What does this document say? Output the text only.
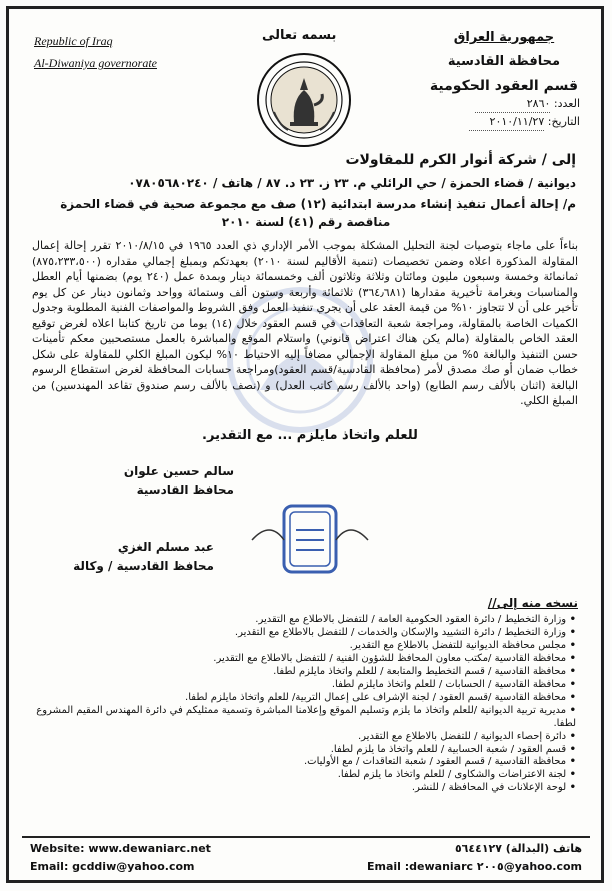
Republic of Iraq
Al-Diwaniya governorate
بسمه تعالى	جمهورية العراق
محافظة القادسية
قسم العقود الحكومية
العدد: ٢٨٦٠
التاريخ: ٢٠١٠/١١/٢٧
إلى / شركة أنوار الكرم للمقاولات
ديوانية / قضاء الحمزة / حي الرائلي م. ٢٣ ز. ٢٣ د. ٨٧ / هاتف / ٠٧٨٠٥٦٨٠٢٤٠
م/ إحالة أعمال تنفيذ إنشاء مدرسة ابتدائية (١٢) صف مع مجموعة صحية في قضاء الحمزة
مناقصة رقم (٤١) لسنة ٢٠١٠
بناءاً على ماجاء بتوصيات لجنة التحليل المشكلة بموجب الأمر الإداري ذي العدد ١٩٦٥ في ٢٠١٠/٨/١٥ تقرر إحالة إعمال المقاولة المذكورة اعلاه وضمن تخصيصات (تنمية الأقاليم لسنة ٢٠١٠) بعهدتكم وبمبلغ إجمالي مقداره (٨٧٥،٢٣٣،٥٠٠) ثمانمائة وخمسة وسبعون مليون ومائتان وثلاثة وثلاثون ألف وخمسمائة دينار وبمدة عمل (٢٤٠ يوم) بضمنها أيام العطل والمناسبات وبغرامة تأخيرية مقدارها (٣٦٤٫٦٨١) ثلاثمائة وأربعة وستون ألف وستمائة وواحد وثمانون دينار عن كل يوم تأخير على أن لا تتجاوز ١٠% من قيمة العقد على أن يجري تنفيذ العمل وفق الشروط والمواصفات الفنية المطلوبة وجدول الكميات الخاصة بالمقاولة، ومراجعة شعبة التعاقدات في قسم العقود خلال (١٤) يوما من تاريخ كتابنا اعلاه لغرض توقيع العقد الخاص بالمقاولة (مالم يكن هناك اعتراض قانوني) واستلام الموقع والمباشرة بالعمل مستصحبين معكم تأمينات حسن التنفيذ والبالغة ٥% من مبلغ المقاولة الإجمالي مضافاً إليه الاحتياط ١٠% ليكون المبلغ الكلي للمقاولة على شكل خطاب ضمان أو صك مصدق لأمر (محافظة القادسية/قسم العقود)ومراجعة حسابات المحافظة لغرض استقطاع الرسوم البالغة (اثنان بالألف رسم الطابع) (واحد بالألف رسم كاتب العدل) و (نصف بالألف رسم صندوق تقاعد المهندسين) من المبلغ الكلي.
للعلم واتخاذ مايلزم ... مع التقدير.
سالم حسين علوان
محافظ القادسية
عبد مسلم الغزي
محافظ القادسية / وكالة
نسخه منه إلى//
• وزارة التخطيط / دائرة العقود الحكومية العامة / للتفضل بالاطلاع مع التقدير.
• وزارة التخطيط / دائرة التشييد والإسكان والخدمات / للتفضل بالاطلاع مع التقدير.
• مجلس محافظة الديوانية للتفضل بالاطلاع مع التقدير.
• محافظة القادسية /مكتب معاون المحافظ للشؤون الفنية / للتفضل بالاطلاع مع التقدير.
• محافظة القادسية / قسم التخطيط والمتابعة / للعلم واتخاذ مايلزم لطفا.
• محافظة القادسية / الحسابات / للعلم واتخاذ مايلزم لطفا.
• محافظة القادسية /قسم العقود / لجنة الإشراف على إعمال التربية/ للعلم واتخاذ مايلزم لطفا.
• مديرية تربية الديوانية /للعلم واتخاذ ما يلزم وتسليم الموقع وإعلامنا المباشرة وتسمية ممثليكم في دائرة المهندس المقيم المشروع لطفا.
• دائرة إحصاء الديوانية / للتفضل بالاطلاع مع التقدير.
• قسم العقود / شعبة الحسابية / للعلم واتخاذ ما يلزم لطفا.
• محافظة القادسية / قسم العقود / شعبة التعاقدات / مع الأوليات.
• لجنة الاعتراضات والشكاوى / للعلم واتخاذ ما يلزم لطفا.
• لوحة الإعلانات في المحافظة / للنشر.
Website: www.dewaniarc.net	هاتف (البدالة) ٥٦٤٤١٢٧
Email: gcddiw@yahoo.com	Email :dewaniarc ٢٠٠٥@yahoo.com
